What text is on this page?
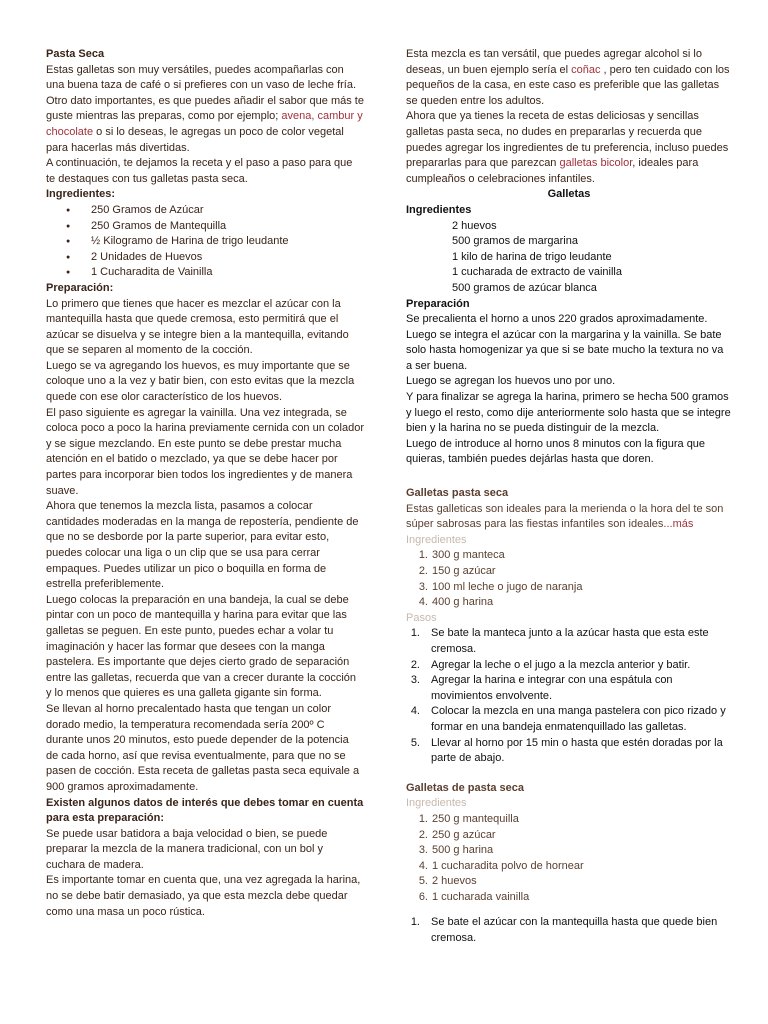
Pasta Seca

Estas galletas son muy versátiles, puedes acompañarlas con una buena taza de café o si prefieres con un vaso de leche fría. Otro dato importantes, es que puedes añadir el sabor que más te guste mientras las preparas, como por ejemplo; avena, cambur y chocolate o si lo deseas, le agregas un poco de color vegetal para hacerlas más divertidas.

A continuación, te dejamos la receta y el paso a paso para que te destaques con tus galletas pasta seca.

Ingredientes:

● 250 Gramos de Azúcar
● 250 Gramos de Mantequilla
● ½ Kilogramo de Harina de trigo leudante
● 2 Unidades de Huevos
● 1 Cucharadita de Vainilla

Preparación:

Lo primero que tienes que hacer es mezclar el azúcar con la mantequilla hasta que quede cremosa, esto permitirá que el azúcar se disuelva y se integre bien a la mantequilla, evitando que se separen al momento de la cocción.

Luego se va agregando los huevos, es muy importante que se coloque uno a la vez y batir bien, con esto evitas que la mezcla quede con ese olor característico de los huevos.

El paso siguiente es agregar la vainilla. Una vez integrada, se coloca poco a poco la harina previamente cernida con un colador y se sigue mezclando. En este punto se debe prestar mucha atención en el batido o mezclado, ya que se debe hacer por partes para incorporar bien todos los ingredientes y de manera suave.

Ahora que tenemos la mezcla lista, pasamos a colocar cantidades moderadas en la manga de repostería, pendiente de que no se desborde por la parte superior, para evitar esto, puedes colocar una liga o un clip que se usa para cerrar empaques. Puedes utilizar un pico o boquilla en forma de estrella preferiblemente.

Luego colocas la preparación en una bandeja, la cual se debe pintar con un poco de mantequilla y harina para evitar que las galletas se peguen. En este punto, puedes echar a volar tu imaginación y hacer las formar que desees con la manga pastelera. Es importante que dejes cierto grado de separación entre las galletas, recuerda que van a crecer durante la cocción y lo menos que quieres es una galleta gigante sin forma.

Se llevan al horno precalentado hasta que tengan un color dorado medio, la temperatura recomendada sería 200º C durante unos 20 minutos, esto puede depender de la potencia de cada horno, así que revisa eventualmente, para que no se pasen de cocción. Esta receta de galletas pasta seca equivale a 900 gramos aproximadamente.

Existen algunos datos de interés que debes tomar en cuenta para esta preparación:

Se puede usar batidora a baja velocidad o bien, se puede preparar la mezcla de la manera tradicional, con un bol y cuchara de madera.

Es importante tomar en cuenta que, una vez agregada la harina, no se debe batir demasiado, ya que esta mezcla debe quedar como una masa un poco rústica.

Esta mezcla es tan versátil, que puedes agregar alcohol si lo deseas, un buen ejemplo sería el coñac , pero ten cuidado con los pequeños de la casa, en este caso es preferible que las galletas se queden entre los adultos.

Ahora que ya tienes la receta de estas deliciosas y sencillas galletas pasta seca, no dudes en prepararlas y recuerda que puedes agregar los ingredientes de tu preferencia, incluso puedes prepararlas para que parezcan galletas bicolor, ideales para cumpleaños o celebraciones infantiles.

Galletas

Ingredientes

2 huevos

500 gramos de margarina

1 kilo de harina de trigo leudante

1 cucharada de extracto de vainilla

500 gramos de azúcar blanca

Preparación

Se precalienta el horno a unos 220 grados aproximadamente.

Luego se integra el azúcar con la margarina y la vainilla. Se bate solo hasta homogenizar ya que si se bate mucho la textura no va a ser buena.

Luego se agregan los huevos uno por uno.

Y para finalizar se agrega la harina, primero se hecha 500 gramos y luego el resto, como dije anteriormente solo hasta que se integre bien y la harina no se pueda distinguir de la mezcla.

Luego de introduce al horno unos 8 minutos con la figura que quieras, también puedes dejárlas hasta que doren.

Galletas pasta seca

Estas galleticas son ideales para la merienda o la hora del te son súper sabrosas para las fiestas infantiles son ideales...más

Ingredientes

1. 300 g manteca
2. 150 g azúcar
3. 100 ml leche o jugo de naranja
4. 400 g harina

Pasos

1.	Se bate la manteca junto a la azúcar hasta que esta este cremosa.
2.	Agregar la leche o el jugo a la mezcla anterior y batir.
3.	Agregar la harina e integrar con una espátula con movimientos envolvente.
4.	Colocar la mezcla en una manga pastelera con pico rizado y formar en una bandeja enmatenquillado las galletas.
5.	Llevar al horno por 15 min o hasta que estén doradas por la parte de abajo.

Galletas de pasta seca

Ingredientes

1. 250 g mantequilla
2. 250 g azúcar
3. 500 g harina
4. 1 cucharadita polvo de hornear
5. 2 huevos
6. 1 cucharada vainilla
1.	Se bate el azúcar con la mantequilla hasta que quede bien cremosa.
